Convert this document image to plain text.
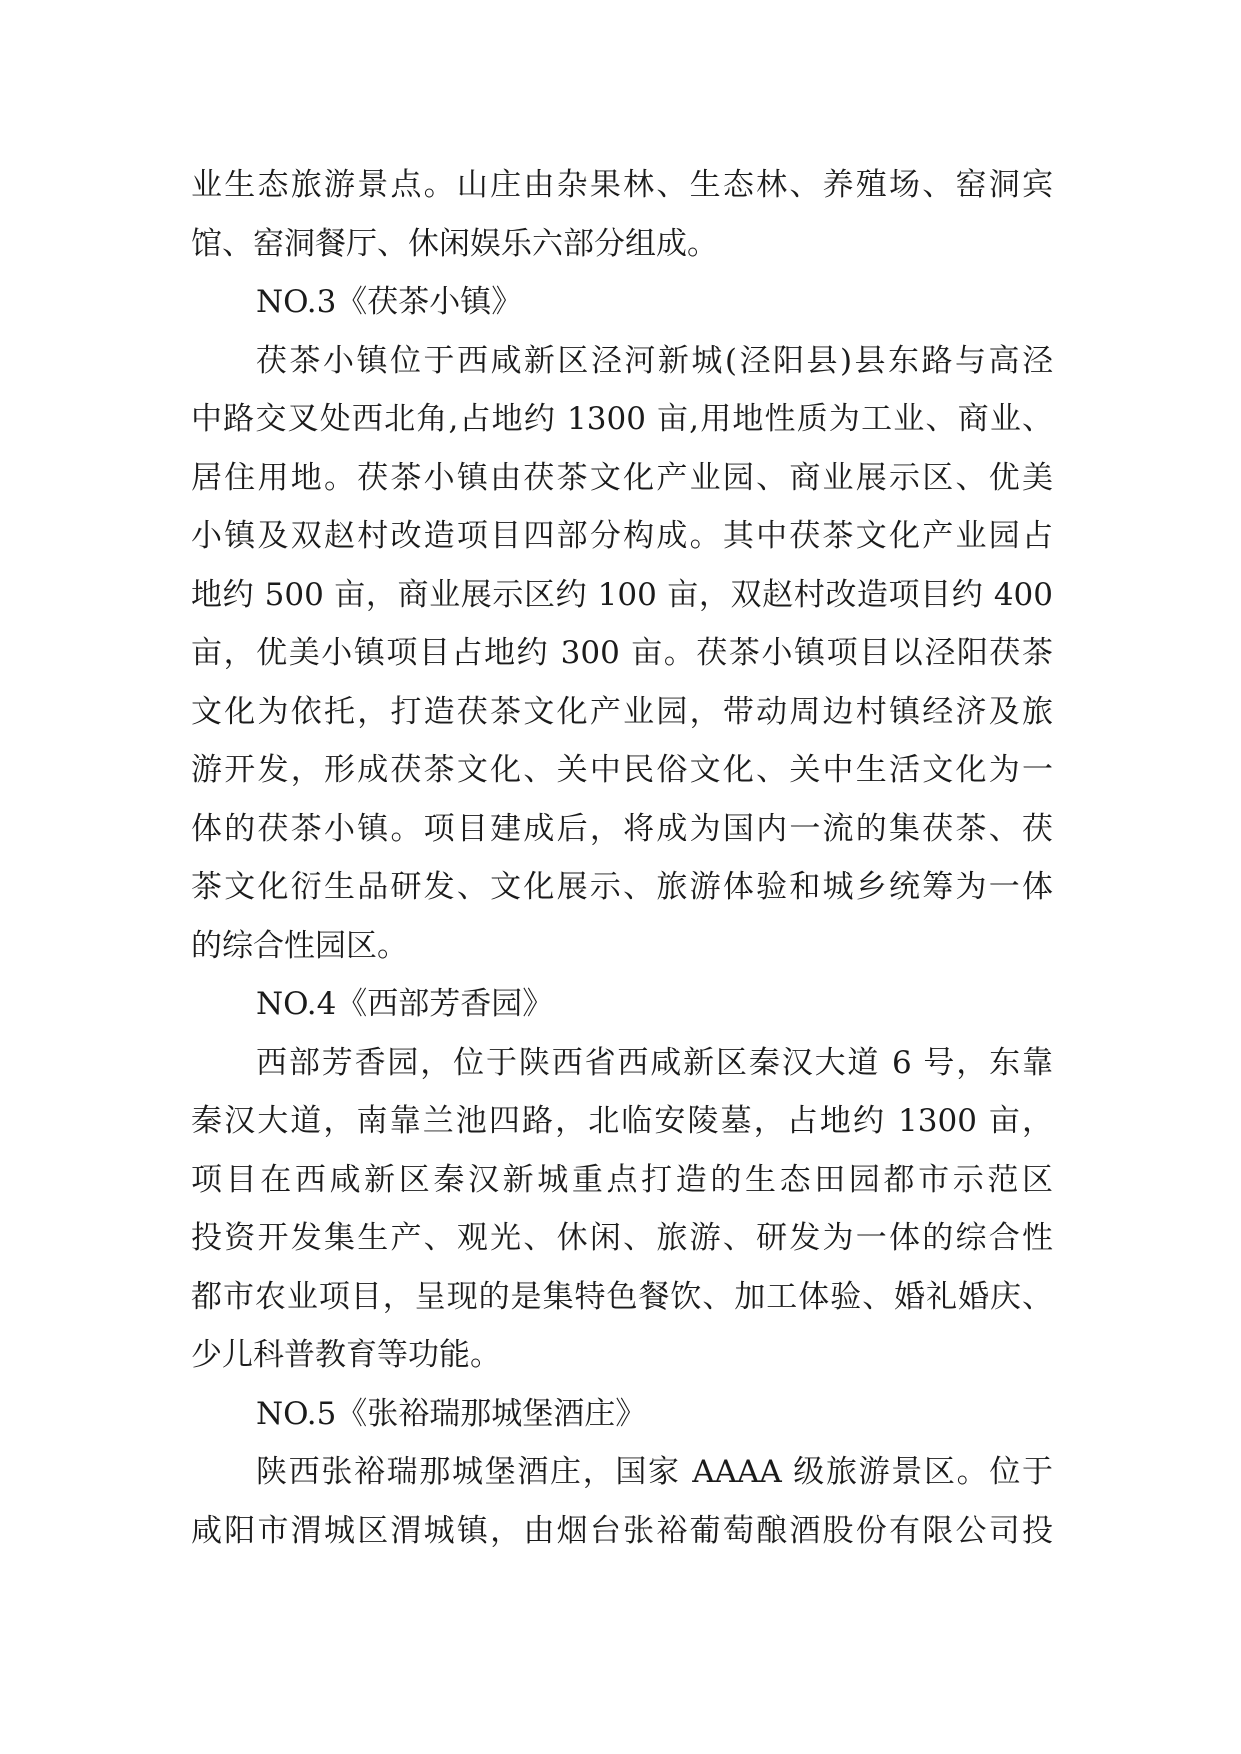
业生态旅游景点。山庄由杂果林、生态林、养殖场、窑洞宾
馆、窑洞餐厅、休闲娱乐六部分组成。
NO.3《茯茶小镇》
茯茶小镇位于西咸新区泾河新城(泾阳县)县东路与高泾
中路交叉处西北角,占地约 1300 亩,用地性质为工业、商业、
居住用地。茯茶小镇由茯茶文化产业园、商业展示区、优美
小镇及双赵村改造项目四部分构成。其中茯茶文化产业园占
地约 500 亩，商业展示区约 100 亩，双赵村改造项目约 400
亩，优美小镇项目占地约 300 亩。茯茶小镇项目以泾阳茯茶
文化为依托，打造茯茶文化产业园，带动周边村镇经济及旅
游开发，形成茯茶文化、关中民俗文化、关中生活文化为一
体的茯茶小镇。项目建成后，将成为国内一流的集茯茶、茯
茶文化衍生品研发、文化展示、旅游体验和城乡统筹为一体
的综合性园区。
NO.4《西部芳香园》
西部芳香园，位于陕西省西咸新区秦汉大道 6 号，东靠
秦汉大道，南靠兰池四路，北临安陵墓，占地约 1300 亩，
项目在西咸新区秦汉新城重点打造的生态田园都市示范区
投资开发集生产、观光、休闲、旅游、研发为一体的综合性
都市农业项目，呈现的是集特色餐饮、加工体验、婚礼婚庆、
少儿科普教育等功能。
NO.5《张裕瑞那城堡酒庄》
陕西张裕瑞那城堡酒庄，国家 AAAA 级旅游景区。位于
咸阳市渭城区渭城镇，由烟台张裕葡萄酿酒股份有限公司投
